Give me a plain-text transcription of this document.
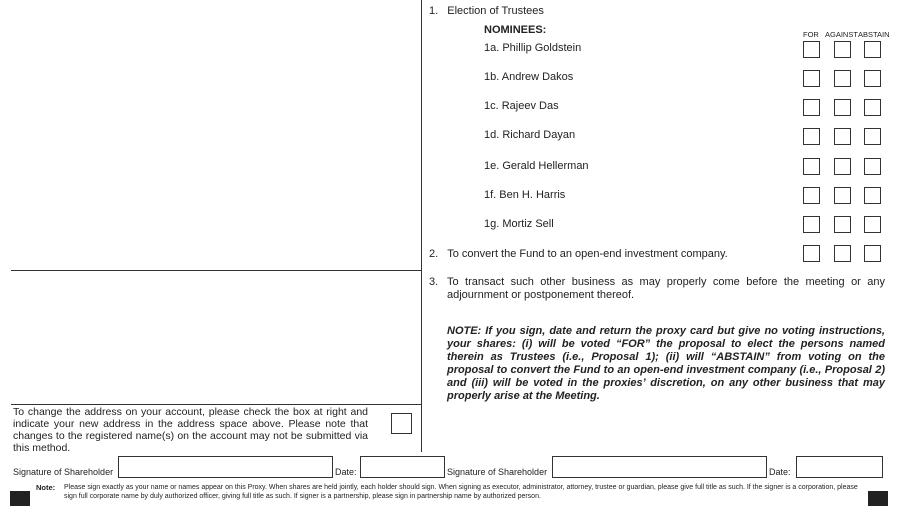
1. Election of Trustees
NOMINEES:	FOR AGAINST ABSTAIN
1a. Phillip Goldstein
1b. Andrew Dakos
1c. Rajeev Das
1d. Richard Dayan
1e. Gerald Hellerman
1f. Ben H. Harris
1g. Mortiz Sell
2. To convert the Fund to an open-end investment company.
3. To transact such other business as may properly come before the meeting or any adjournment or postponement thereof.
NOTE: If you sign, date and return the proxy card but give no voting instructions, your shares: (i) will be voted “FOR” the proposal to elect the persons named therein as Trustees (i.e., Proposal 1); (ii) will “ABSTAIN” from voting on the proposal to convert the Fund to an open-end investment company (i.e., Proposal 2) and (iii) will be voted in the proxies’ discretion, on any other business that may properly arise at the Meeting.
To change the address on your account, please check the box at right and indicate your new address in the address space above. Please note that changes to the registered name(s) on the account may not be submitted via this method.
Signature of Shareholder	Date:	Signature of Shareholder	Date:
Note: Please sign exactly as your name or names appear on this Proxy. When shares are held jointly, each holder should sign. When signing as executor, administrator, attorney, trustee or guardian, please give full title as such. If the signer is a corporation, please sign full corporate name by duly authorized officer, giving full title as such. If signer is a partnership, please sign in partnership name by authorized person.
